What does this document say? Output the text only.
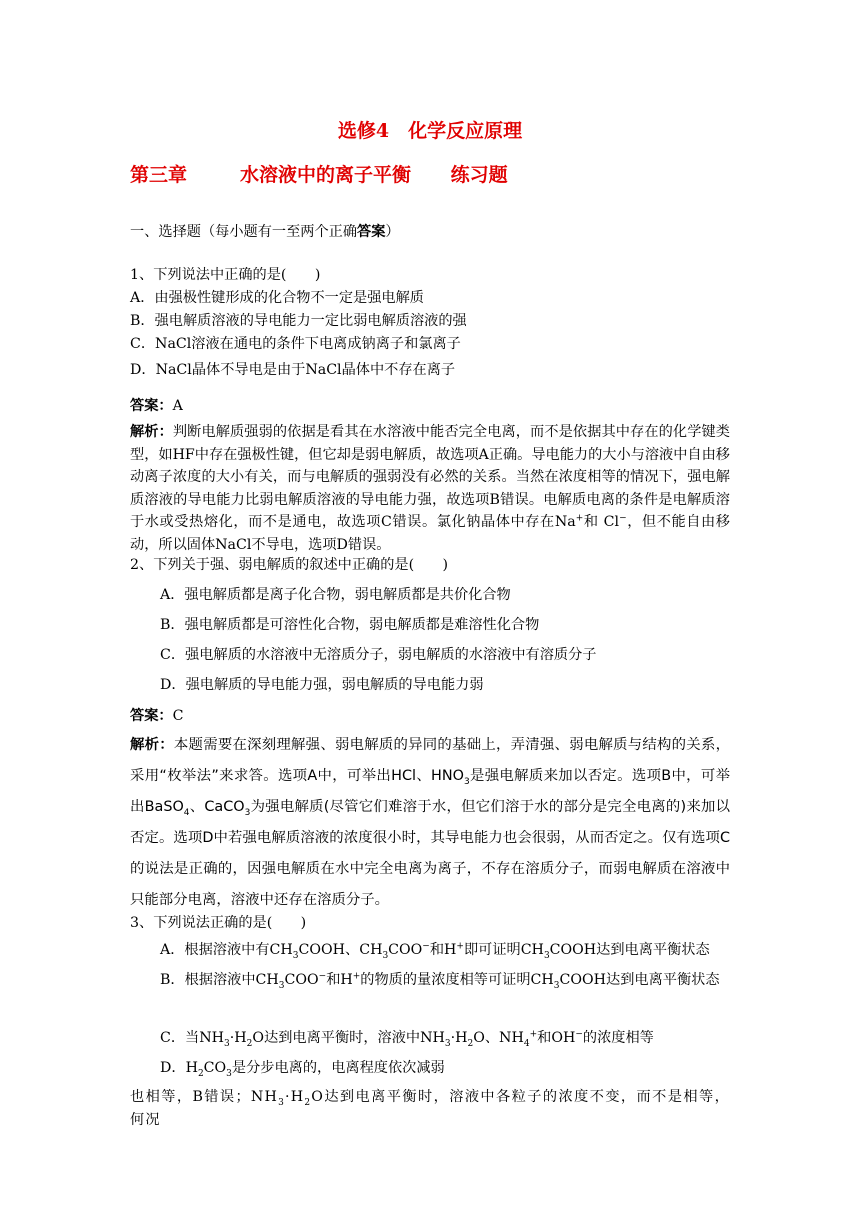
选修4　化学反应原理
第三章	水溶液中的离子平衡 练习题
一、选择题（每小题有一至两个正确答案）
1、下列说法中正确的是(　　)
A．由强极性键形成的化合物不一定是强电解质
B．强电解质溶液的导电能力一定比弱电解质溶液的强
C．NaCl溶液在通电的条件下电离成钠离子和氯离子
D．NaCl晶体不导电是由于NaCl晶体中不存在离子
答案：A
解析：判断电解质强弱的依据是看其在水溶液中能否完全电离，而不是依据其中存在的化学键类型，如HF中存在强极性键，但它却是弱电解质，故选项A正确。导电能力的大小与溶液中自由移动离子浓度的大小有关，而与电解质的强弱没有必然的关系。当然在浓度相等的情况下，强电解质溶液的导电能力比弱电解质溶液的导电能力强，故选项B错误。电解质电离的条件是电解质溶于水或受热熔化，而不是通电，故选项C错误。氯化钠晶体中存在Na+和 Cl−，但不能自由移动，所以固体NaCl不导电，选项D错误。
2、下列关于强、弱电解质的叙述中正确的是(　　)
A．强电解质都是离子化合物，弱电解质都是共价化合物
B．强电解质都是可溶性化合物，弱电解质都是难溶性化合物
C．强电解质的水溶液中无溶质分子，弱电解质的水溶液中有溶质分子
D．强电解质的导电能力强，弱电解质的导电能力弱
答案：C
解析：本题需要在深刻理解强、弱电解质的异同的基础上，弄清强、弱电解质与结构的关系，采用“枚举法”来求答。选项A中，可举出HCl、$HNO_3$是强电解质来加以否定。选项B中，可举出BaSO$_4$、CaCO$_3$为强电解质(尽管它们难溶于水，但它们溶于水的部分是完全电离的)来加以否定。选项D中若强电解质溶液的浓度很小时，其导电能力也会很弱，从而否定之。仅有选项C的说法是正确的，因强电解质在水中完全电离为离子，不存在溶质分子，而弱电解质在溶液中只能部分电离，溶液中还存在溶质分子。
3、下列说法正确的是(　　)
A．根据溶液中有$CH_3COOH$、$CH_3COO^-$和H+即可证明$CH_3COOH$达到电离平衡状态
B．根据溶液中$CH_3COO^-$和H+的物质的量浓度相等可证明$CH_3COOH$达到电离平衡状态
C．当$NH_3\cdot H_2O$达到电离平衡时，溶液中$NH_3\cdot H_2O$、$NH_4^+$和OH−的浓度相等
D．$H_2CO_3$是分步电离的，电离程度依次减弱
也相等，B错误；$NH_3\cdot H_2O$达到电离平衡时，溶液中各粒子的浓度不变，而不是相等，何况
